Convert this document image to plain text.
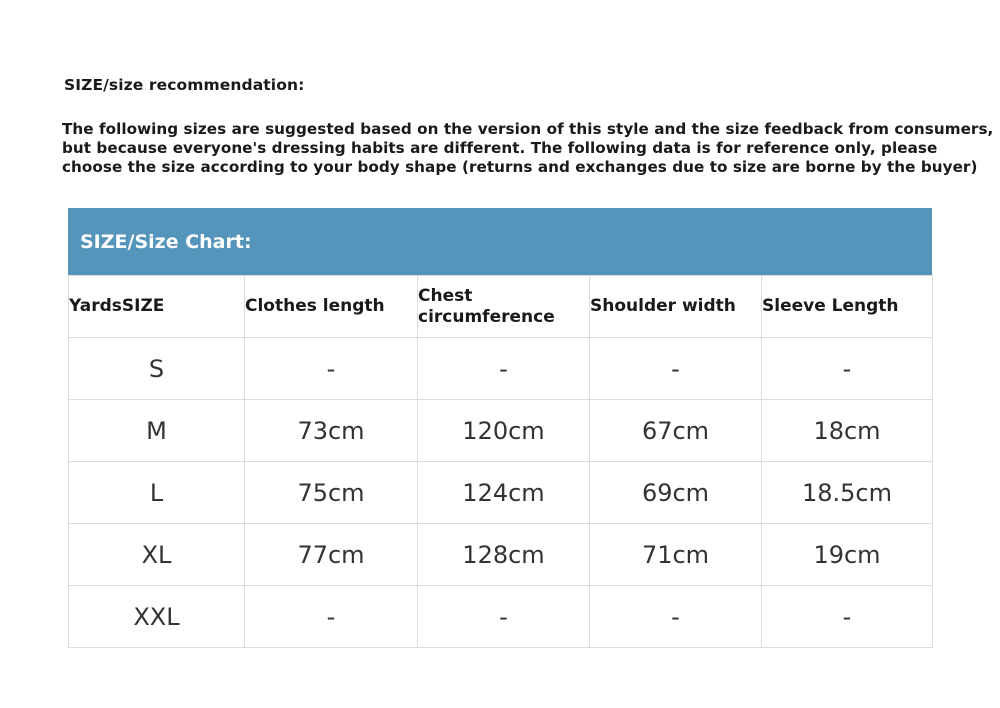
SIZE/size recommendation:
The following sizes are suggested based on the version of this style and the size feedback from consumers,
but because everyone's dressing habits are different. The following data is for reference only, please
choose the size according to your body shape (returns and exchanges due to size are borne by the buyer)
SIZE/Size Chart:
YardsSIZE	Clothes length	Chest circumference	Shoulder width	Sleeve Length
S	-	-	-	-
M	73cm	120cm	67cm	18cm
L	75cm	124cm	69cm	18.5cm
XL	77cm	128cm	71cm	19cm
XXL	-	-	-	-
